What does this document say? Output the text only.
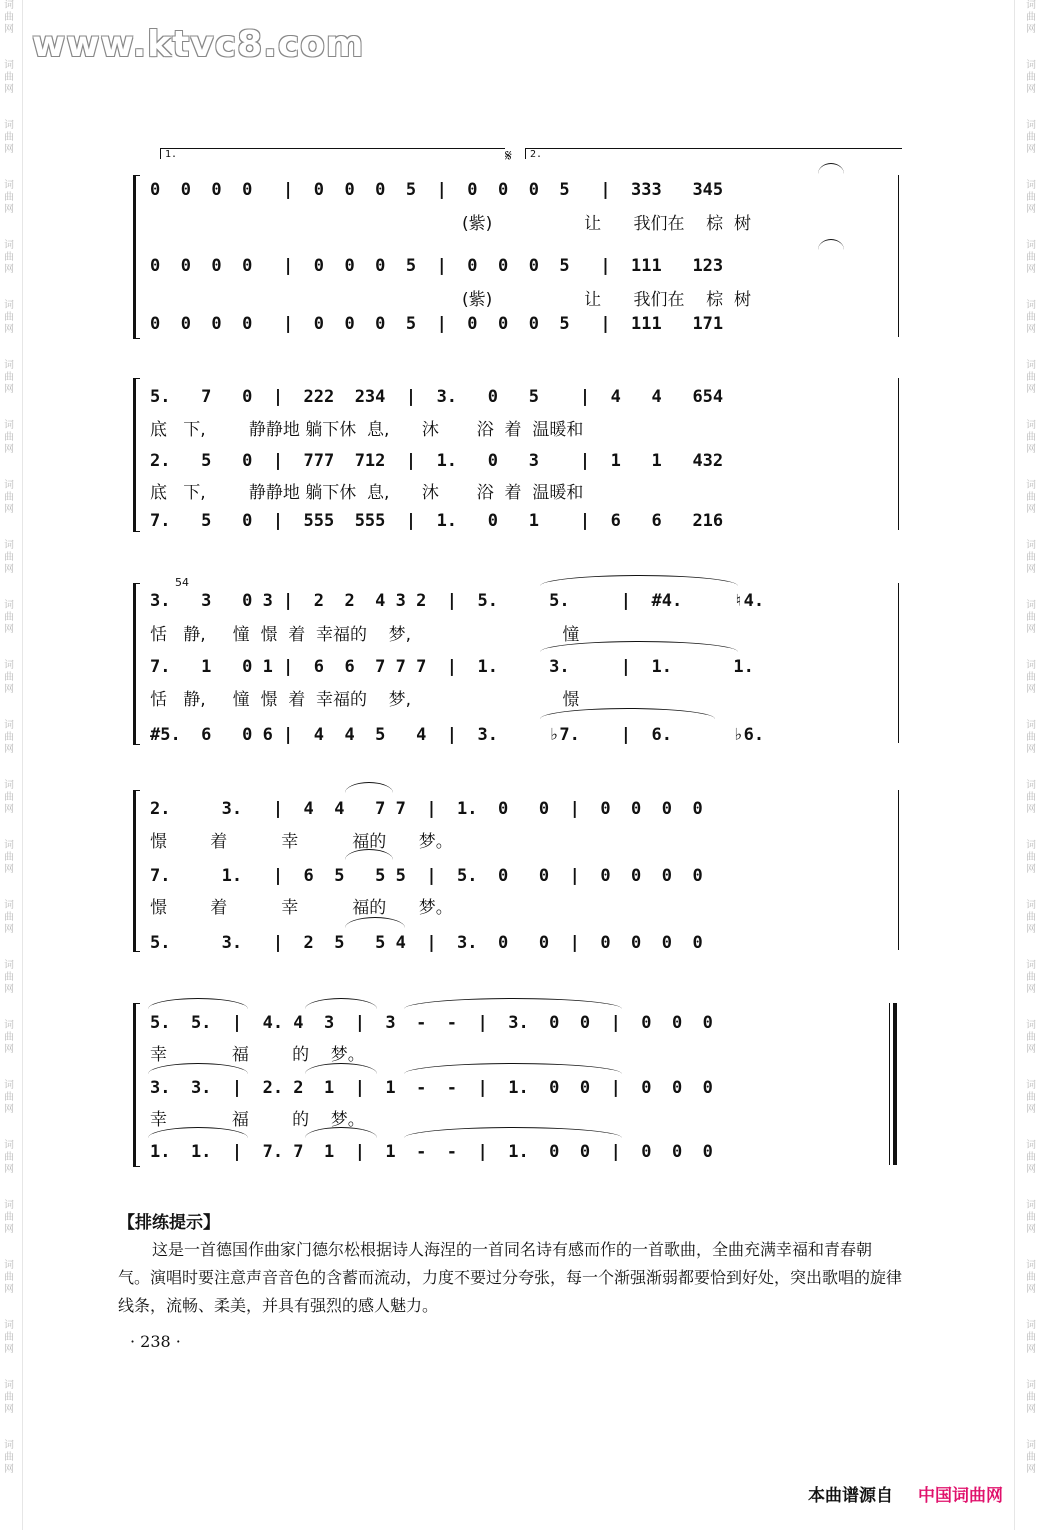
www.ktvc8.com
词曲网
词曲网
词曲网
词曲网
词曲网
词曲网
词曲网
词曲网
词曲网
词曲网
词曲网
词曲网
词曲网
词曲网
词曲网
词曲网
词曲网
词曲网
词曲网
词曲网
词曲网
词曲网
词曲网
词曲网
词曲网
词曲网
词曲网
词曲网
词曲网
词曲网
词曲网
词曲网
词曲网
词曲网
词曲网
词曲网
词曲网
词曲网
词曲网
词曲网
词曲网
词曲网
词曲网
词曲网
词曲网
词曲网
词曲网
词曲网
词曲网
词曲网
1.	𝄋	2.
0  0  0  0   |  0  0  0  5  |  0  0  0  5   |  333   345
(紫)                 让      我们在    棕  树
0  0  0  0   |  0  0  0  5  |  0  0  0  5   |  111   123
(紫)                 让      我们在    棕  树
0  0  0  0   |  0  0  0  5  |  0  0  0  5   |  111   171
5.   7   0  |  222  234  |  3.   0   5    |  4   4   654
底   下,        静静地 躺下休  息,      沐       浴  着  温暖和
2.   5   0  |  777  712  |  1.   0   3    |  1   1   432
底   下,        静静地 躺下休  息,      沐       浴  着  温暖和
7.   5   0  |  555  555  |  1.   0   1    |  6   6   216
54
3.   3   0 3 |  2  2  4 3 2  |  5.     5.     |  #4.     ♮4.
恬   静,     憧  憬  着  幸福的    梦,                            憧
7.   1   0 1 |  6  6  7 7 7  |  1.     3.     |  1.      1.
恬   静,     憧  憬  着  幸福的    梦,                            憬
#5.  6   0 6 |  4  4  5   4  |  3.     ♭7.    |  6.      ♭6.
2.     3.   |  4  4   7 7  |  1.  0   0  |  0  0  0  0
憬        着          幸          福的      梦。
7.     1.   |  6  5   5 5  |  5.  0   0  |  0  0  0  0
憬        着          幸          福的      梦。
5.     3.   |  2  5   5 4  |  3.  0   0  |  0  0  0  0
5.  5.  |  4. 4  3  |  3  -  -  |  3.  0  0  |  0  0  0
幸            福        的    梦。
3.  3.  |  2. 2  1  |  1  -  -  |  1.  0  0  |  0  0  0
幸            福        的    梦。
1.  1.  |  7. 7  1  |  1  -  -  |  1.  0  0  |  0  0  0
【排练提示】
这是一首德国作曲家门德尔松根据诗人海涅的一首同名诗有感而作的一首歌曲，全曲充满幸福和青春朝气。演唱时要注意声音音色的含蓄而流动，力度不要过分夸张，每一个渐强渐弱都要恰到好处，突出歌唱的旋律线条，流畅、柔美，并具有强烈的感人魅力。
· 238 ·
本曲谱源自 中国词曲网
